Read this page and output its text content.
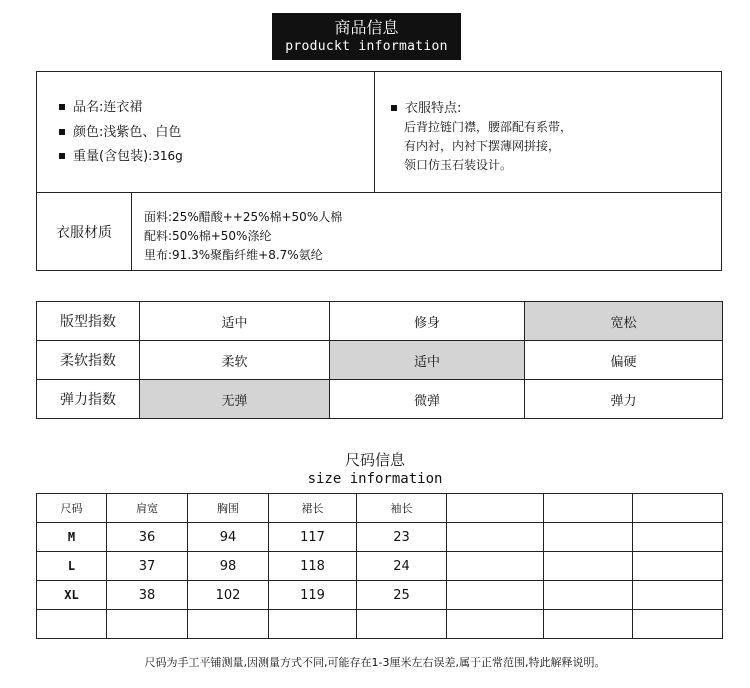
商品信息
produckt information
品名:连衣裙
颜色:浅紫色、白色
重量(含包装):316g
衣服特点:
后背拉链门襟，腰部配有系带，
有内衬，内衬下摆薄网拼接，
领口仿玉石装设计。
衣服材质
面料:25%醋酸++25%棉+50%人棉
配料:50%棉+50%涤纶
里布:91.3%聚酯纤维+8.7%氨纶
版型指数	适中	修身	宽松
柔软指数	柔软	适中	偏硬
弹力指数	无弹	微弹	弹力
尺码信息
size information
尺码	肩宽	胸围	裙长	袖长			
M	36	94	117	23			
L	37	98	118	24			
XL	38	102	119	25			

尺码为手工平铺测量,因测量方式不同,可能存在1-3厘米左右误差,属于正常范围,特此解释说明。
